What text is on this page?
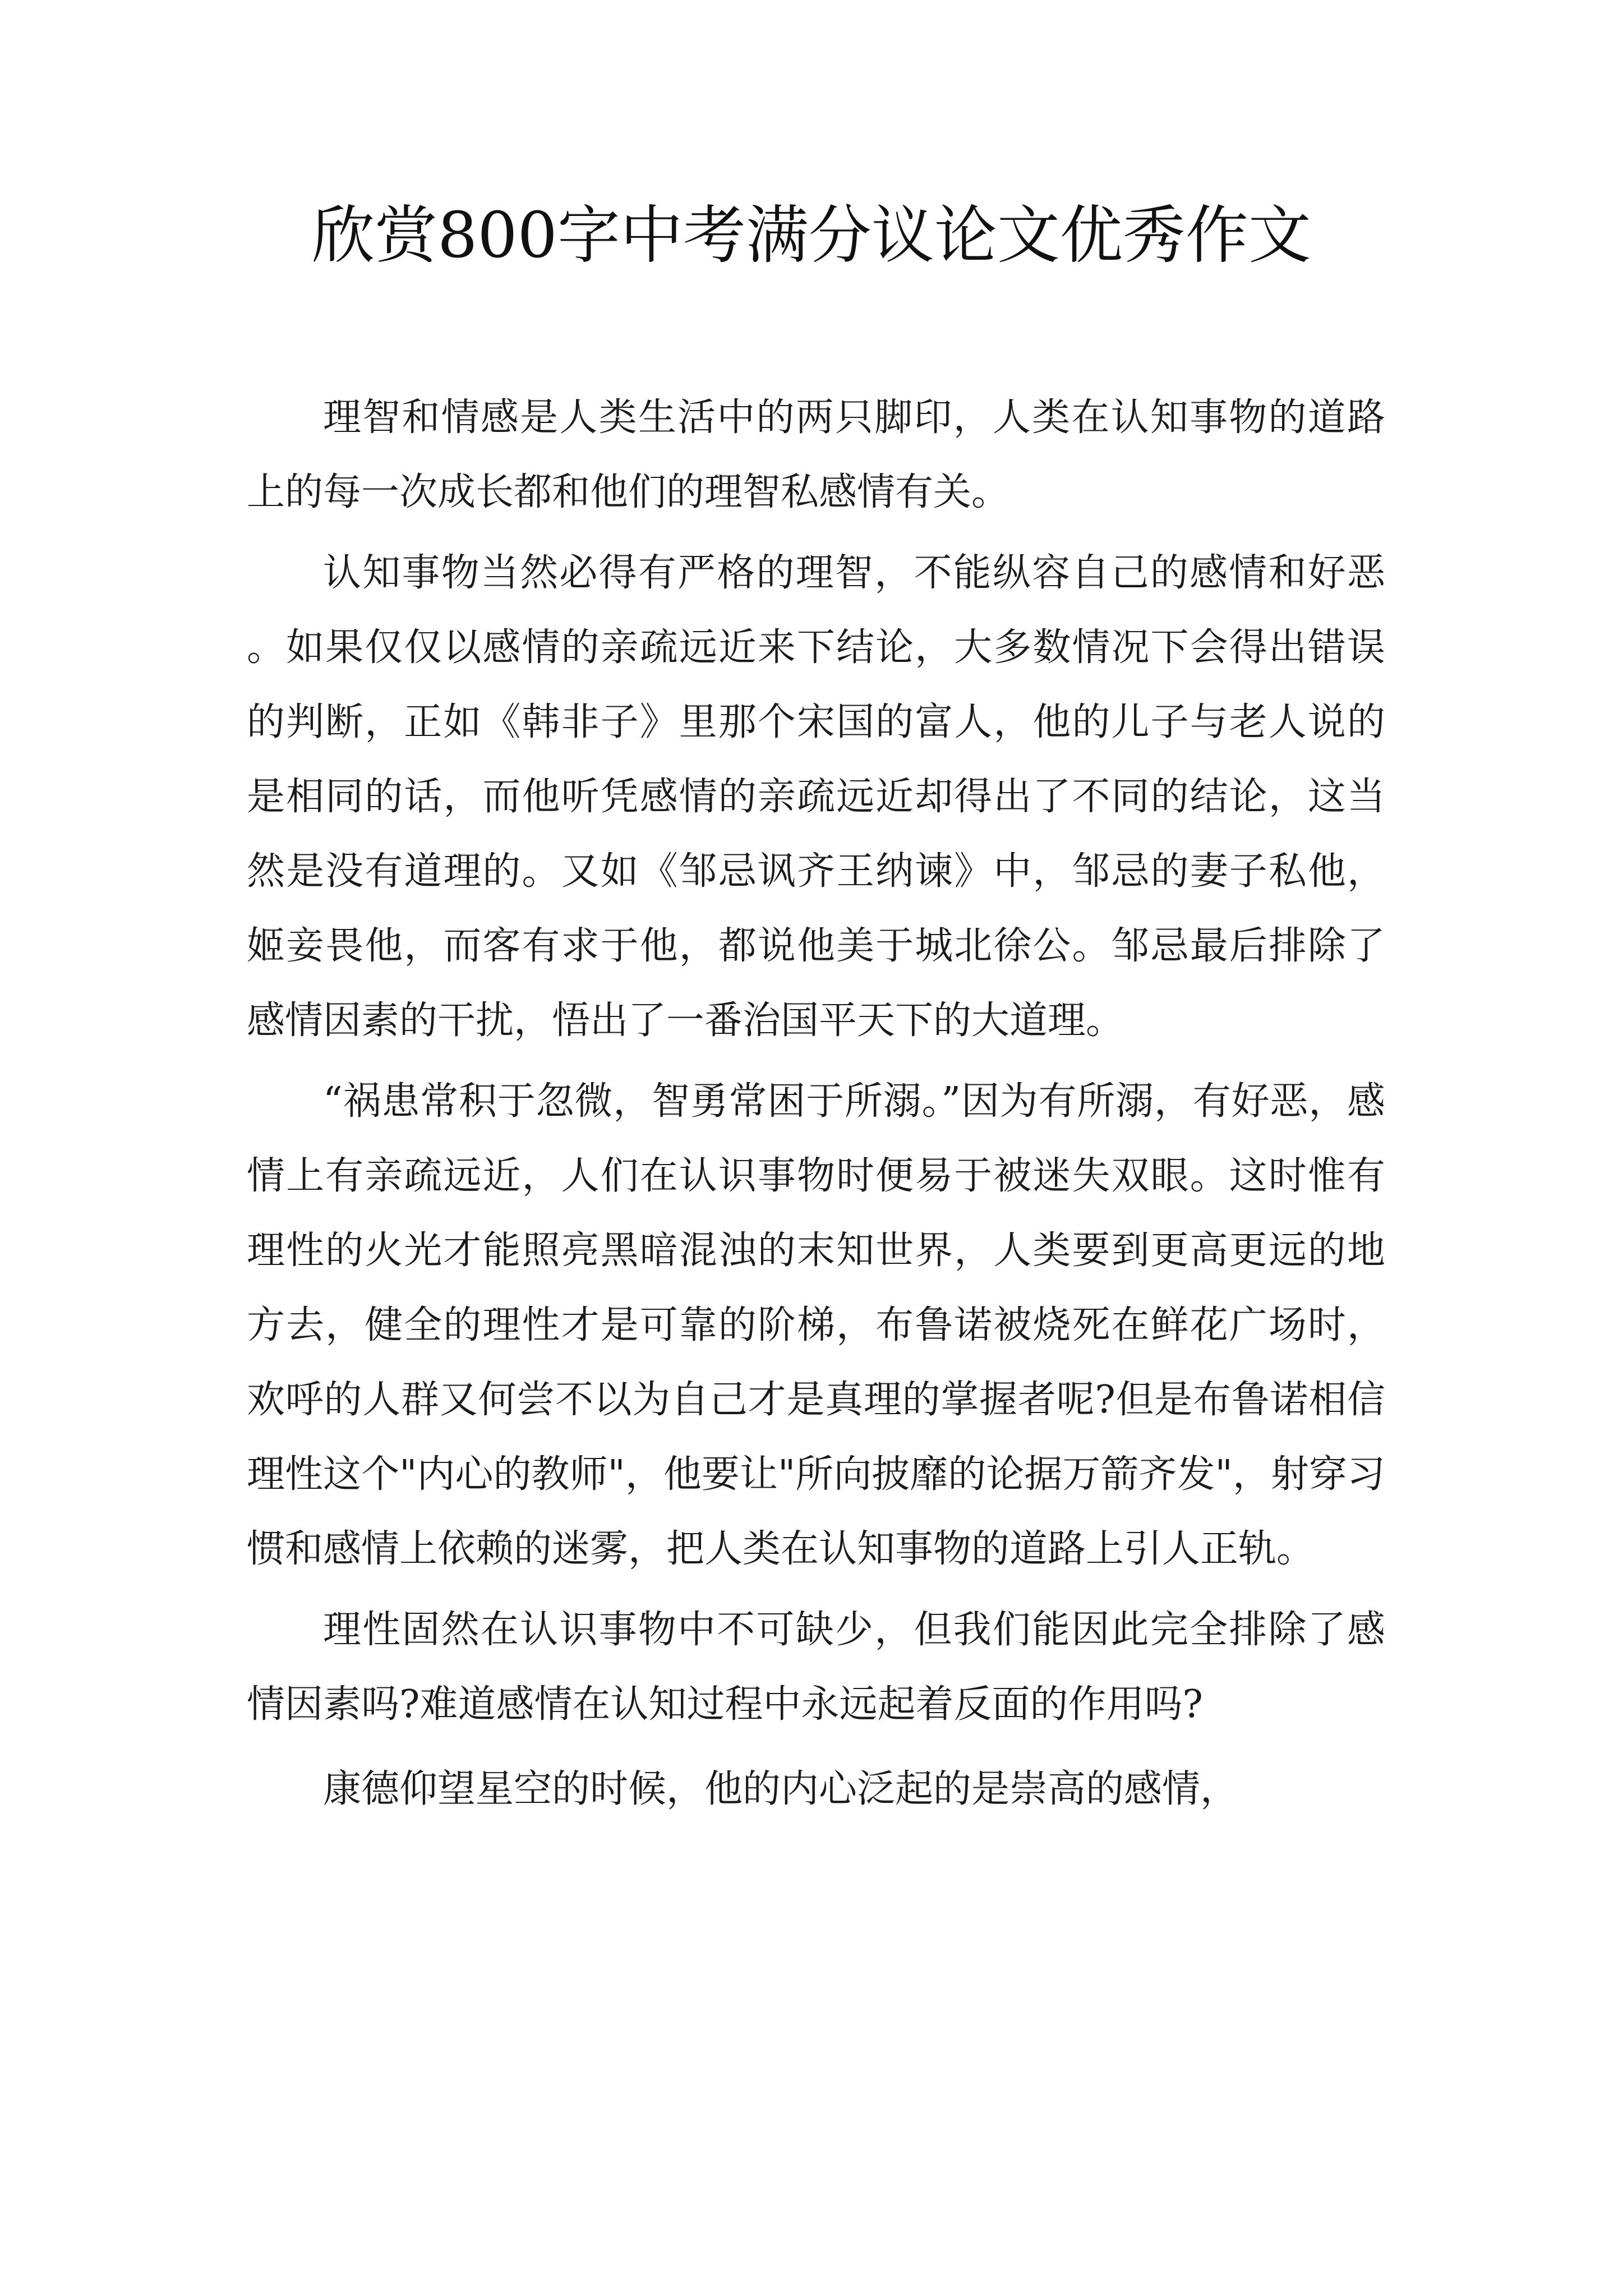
欣赏800字中考满分议论文优秀作文

理智和情感是人类生活中的两只脚印，人类在认知事物的道路上的每一次成长都和他们的理智私感情有关。

认知事物当然必得有严格的理智，不能纵容自己的感情和好恶。如果仅仅以感情的亲疏远近来下结论，大多数情况下会得出错误的判断，正如《韩非子》里那个宋国的富人，他的儿子与老人说的是相同的话，而他听凭感情的亲疏远近却得出了不同的结论，这当然是没有道理的。又如《邹忌讽齐王纳谏》中，邹忌的妻子私他，姬妾畏他，而客有求于他，都说他美于城北徐公。邹忌最后排除了感情因素的干扰，悟出了一番治国平天下的大道理。

“祸患常积于忽微，智勇常困于所溺。”因为有所溺，有好恶，感情上有亲疏远近，人们在认识事物时便易于被迷失双眼。这时惟有理性的火光才能照亮黑暗混浊的末知世界，人类要到更高更远的地方去，健全的理性才是可靠的阶梯，布鲁诺被烧死在鲜花广场时，欢呼的人群又何尝不以为自己才是真理的掌握者呢?但是布鲁诺相信理性这个"内心的教师"，他要让"所向披靡的论据万箭齐发"，射穿习惯和感情上依赖的迷雾，把人类在认知事物的道路上引人正轨。

理性固然在认识事物中不可缺少，但我们能因此完全排除了感情因素吗?难道感情在认知过程中永远起着反面的作用吗?

康德仰望星空的时候，他的内心泛起的是崇高的感情，
